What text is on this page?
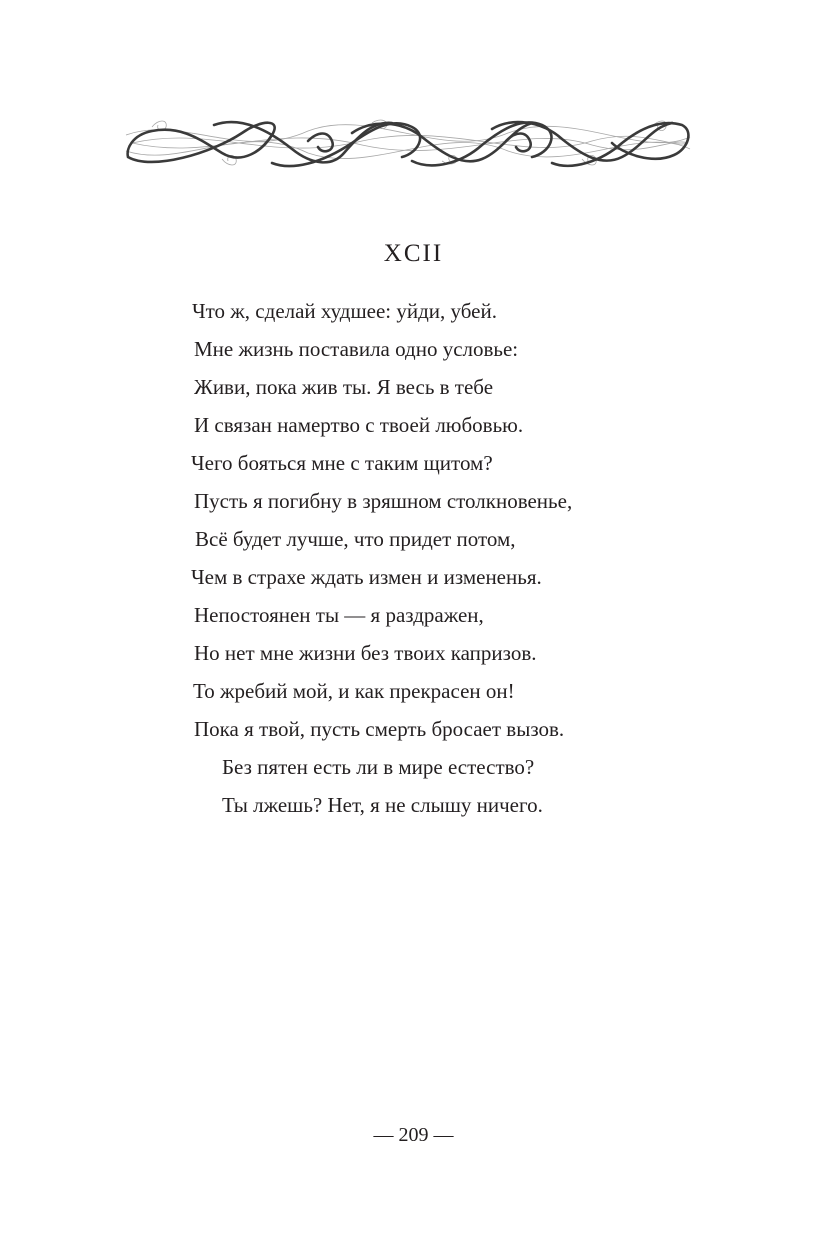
XCII
Что ж, сделай худшее: уйди, убей.
Мне жизнь поставила одно условье:
Живи, пока жив ты. Я весь в тебе
И связан намертво с твоей любовью.
Чего бояться мне с таким щитом?
Пусть я погибну в зряшном столкновенье,
Всё будет лучше, что придет потом,
Чем в страхе ждать измен и измененья.
Непостоянен ты — я раздражен,
Но нет мне жизни без твоих капризов.
То жребий мой, и как прекрасен он!
Пока я твой, пусть смерть бросает вызов.
Без пятен есть ли в мире естество?
Ты лжешь? Нет, я не слышу ничего.
— 209 —
